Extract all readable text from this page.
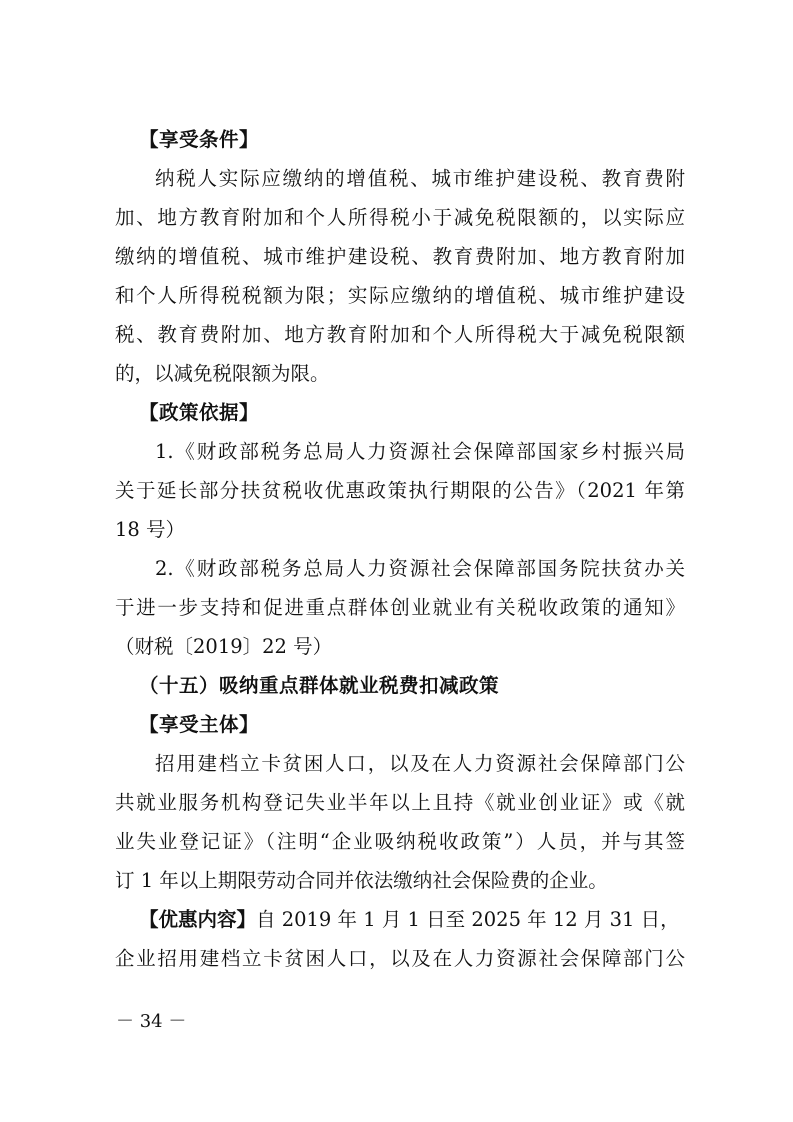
【享受条件】
纳税人实际应缴纳的增值税、城市维护建设税、教育费附
加、地方教育附加和个人所得税小于减免税限额的，以实际应
缴纳的增值税、城市维护建设税、教育费附加、地方教育附加
和个人所得税税额为限；实际应缴纳的增值税、城市维护建设
税、教育费附加、地方教育附加和个人所得税大于减免税限额
的，以减免税限额为限。
【政策依据】
1.《财政部税务总局人力资源社会保障部国家乡村振兴局
关于延长部分扶贫税收优惠政策执行期限的公告》（2021 年第
18 号）
2.《财政部税务总局人力资源社会保障部国务院扶贫办关
于进一步支持和促进重点群体创业就业有关税收政策的通知》
（财税〔2019〕22 号）
（十五）吸纳重点群体就业税费扣减政策
【享受主体】
招用建档立卡贫困人口，以及在人力资源社会保障部门公
共就业服务机构登记失业半年以上且持《就业创业证》或《就
业失业登记证》（注明“企业吸纳税收政策”）人员，并与其签
订 1 年以上期限劳动合同并依法缴纳社会保险费的企业。
【优惠内容】自 2019 年 1 月 1 日至 2025 年 12 月 31 日，
企业招用建档立卡贫困人口，以及在人力资源社会保障部门公
－ 34 －
